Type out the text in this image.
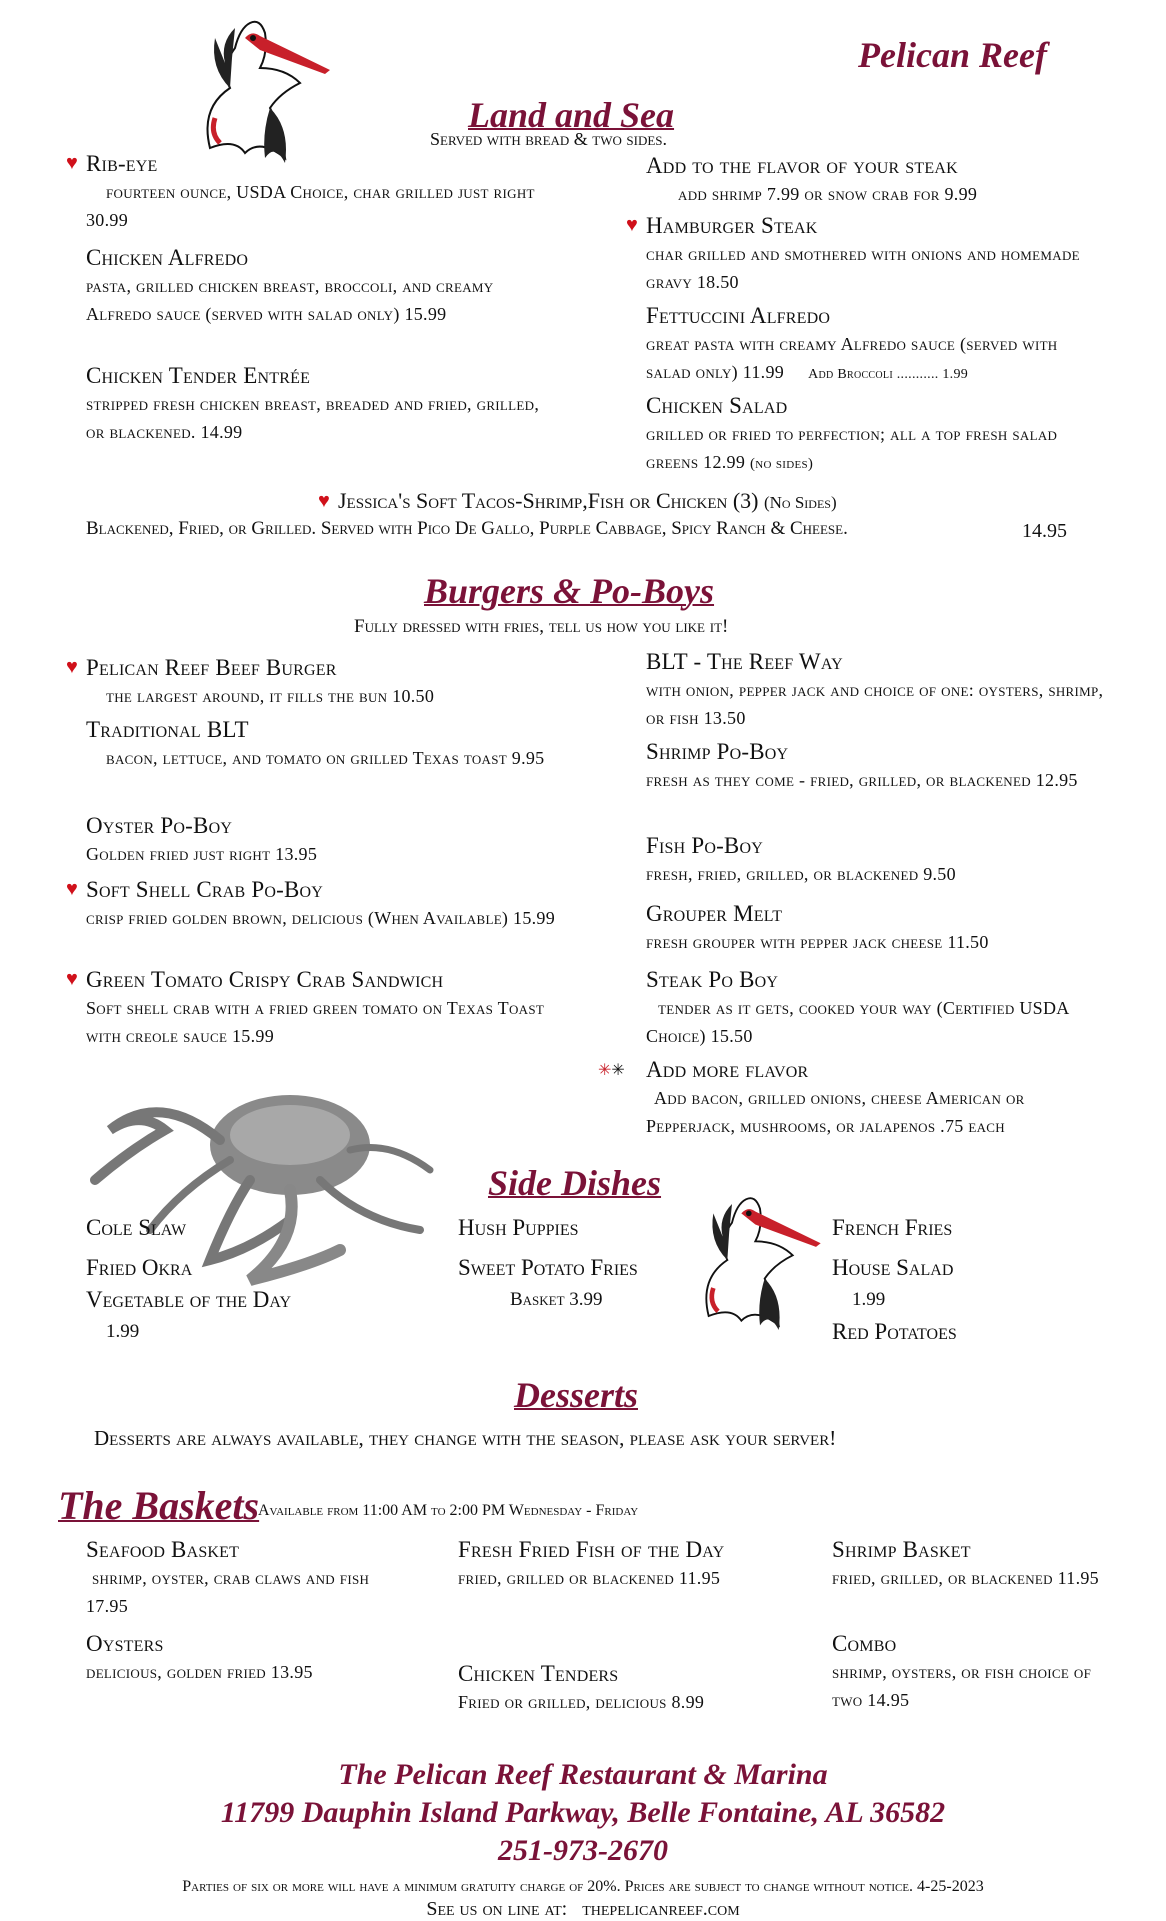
Pelican Reef
Land and Sea
Served with bread & two sides.
♥ Rib-eye
fourteen ounce, USDA Choice, char grilled just right 30.99
Chicken Alfredo
pasta, grilled chicken breast, broccoli, and creamy Alfredo sauce (served with salad only) 15.99
Chicken Tender Entrée
stripped fresh chicken breast, breaded and fried, grilled, or blackened. 14.99
Add to the flavor of your steak
add shrimp 7.99 or snow crab for 9.99
♥ Hamburger Steak
char grilled and smothered with onions and homemade gravy 18.50
Fettuccini Alfredo
great pasta with creamy Alfredo sauce (served with salad only) 11.99 Add Broccoli ........... 1.99
Chicken Salad
grilled or fried to perfection; all a top fresh salad greens 12.99 (no sides)
♥ Jessica's Soft Tacos-Shrimp,Fish or Chicken (3) (No Sides)
Blackened, Fried, or Grilled. Served with Pico De Gallo, Purple Cabbage, Spicy Ranch & Cheese.	14.95
Burgers & Po-Boys
Fully dressed with fries, tell us how you like it!
♥ Pelican Reef Beef Burger
the largest around, it fills the bun 10.50
Traditional BLT
bacon, lettuce, and tomato on grilled Texas toast 9.95
Oyster Po-Boy
Golden fried just right 13.95
♥ Soft Shell Crab Po-Boy
crisp fried golden brown, delicious (When Available) 15.99
♥ Green Tomato Crispy Crab Sandwich
Soft shell crab with a fried green tomato on Texas Toast with creole sauce 15.99
BLT - The Reef Way
with onion, pepper jack and choice of one: oysters, shrimp, or fish 13.50
Shrimp Po-Boy
fresh as they come - fried, grilled, or blackened 12.95
Fish Po-Boy
fresh, fried, grilled, or blackened 9.50
Grouper Melt
fresh grouper with pepper jack cheese 11.50
Steak Po Boy
tender as it gets, cooked your way (Certified USDA Choice) 15.50
✳✳ Add more flavor
Add bacon, grilled onions, cheese American or Pepperjack, mushrooms, or jalapenos .75 each
Side Dishes
Cole Slaw
Fried Okra
Vegetable of the Day
1.99
Hush Puppies
Sweet Potato Fries
Basket 3.99
French Fries
House Salad
1.99
Red Potatoes
Desserts
Desserts are always available, they change with the season, please ask your server!
The Baskets
Available from 11:00 AM to 2:00 PM Wednesday - Friday
Seafood Basket
shrimp, oyster, crab claws and fish 17.95
Oysters
delicious, golden fried 13.95
Fresh Fried Fish of the Day
fried, grilled or blackened 11.95
Chicken Tenders
Fried or grilled, delicious 8.99
Shrimp Basket
fried, grilled, or blackened 11.95
Combo
shrimp, oysters, or fish choice of two 14.95
The Pelican Reef Restaurant & Marina
11799 Dauphin Island Parkway, Belle Fontaine, AL 36582
251-973-2670
Parties of six or more will have a minimum gratuity charge of 20%. Prices are subject to change without notice. 4-25-2023
See us on line at:   thepelicanreef.com
